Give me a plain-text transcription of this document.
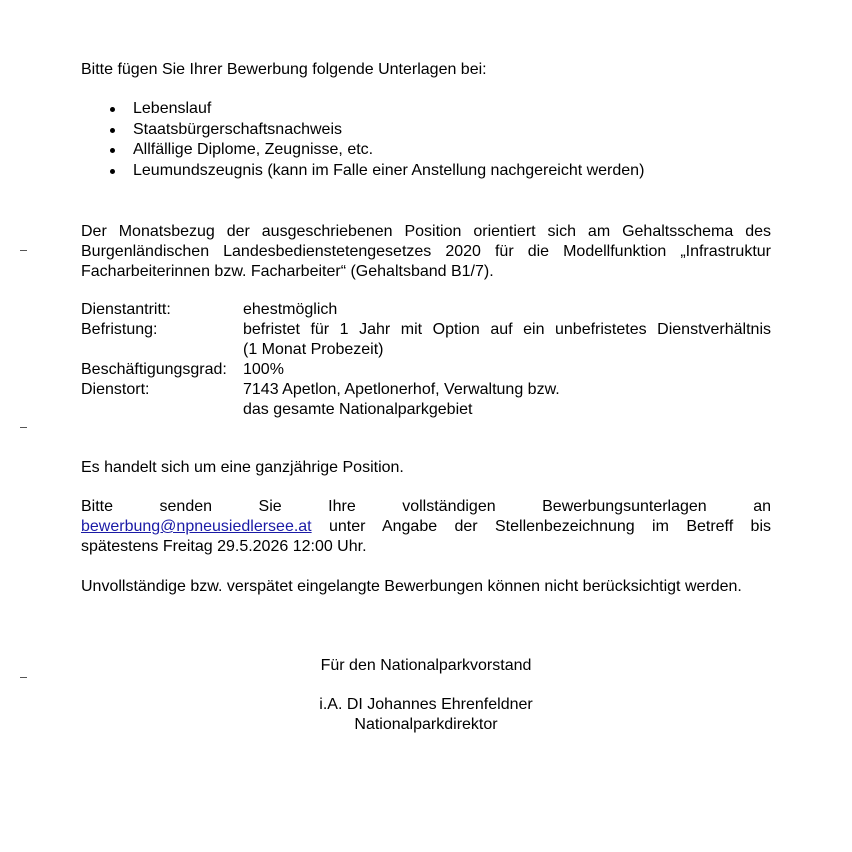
Bitte fügen Sie Ihrer Bewerbung folgende Unterlagen bei:
Lebenslauf
Staatsbürgerschaftsnachweis
Allfällige Diplome, Zeugnisse, etc.
Leumundszeugnis (kann im Falle einer Anstellung nachgereicht werden)
Der Monatsbezug der ausgeschriebenen Position orientiert sich am Gehaltsschema des Burgenländischen Landesbedienstetengesetzes 2020 für die Modellfunktion „Infrastruktur Facharbeiterinnen bzw. Facharbeiter“ (Gehaltsband B1/7).
Dienstantritt:	ehestmöglich
Befristung:	befristet für 1 Jahr mit Option auf ein unbefristetes Dienstverhältnis
(1 Monat Probezeit)
Beschäftigungsgrad:	100%
Dienstort:	7143 Apetlon, Apetlonerhof, Verwaltung bzw.
das gesamte Nationalparkgebiet
Es handelt sich um eine ganzjährige Position.
Bitte senden Sie Ihre vollständigen Bewerbungsunterlagen an
bewerbung@npneusiedlersee.at unter Angabe der Stellenbezeichnung im Betreff bis
spätestens Freitag 29.5.2026 12:00 Uhr.
Unvollständige bzw. verspätet eingelangte Bewerbungen können nicht berücksichtigt werden.
Für den Nationalparkvorstand
i.A. DI Johannes Ehrenfeldner
Nationalparkdirektor
